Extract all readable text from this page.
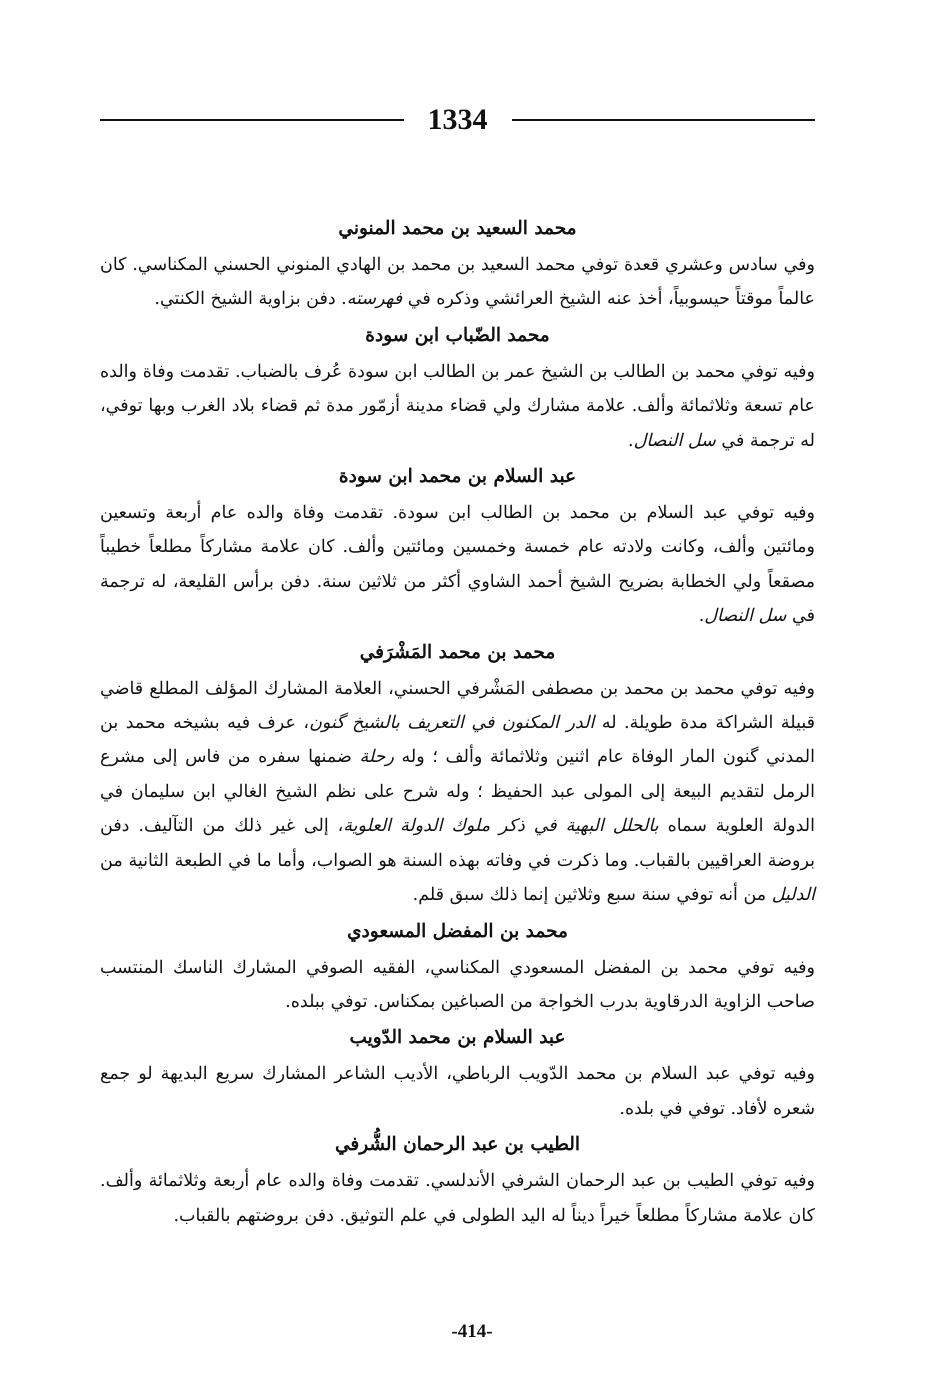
1334
محمد السعيد بن محمد المنوني

وفي سادس وعشري قعدة توفي محمد السعيد بن محمد بن الهادي المنوني الحسني المكناسي. كان عالماً موقتاً حيسوبياً، أخذ عنه الشيخ العرائشي وذكره في فهرسته. دفن بزاوية الشيخ الكنتي.

محمد الضّباب ابن سودة

وفيه توفي محمد بن الطالب بن الشيخ عمر بن الطالب ابن سودة عُرف بالضباب. تقدمت وفاة والده عام تسعة وثلاثمائة وألف. علامة مشارك ولي قضاء مدينة أزمّور مدة ثم قضاء بلاد الغرب وبها توفي، له ترجمة في سل النصال.

عبد السلام بن محمد ابن سودة

وفيه توفي عبد السلام بن محمد بن الطالب ابن سودة. تقدمت وفاة والده عام أربعة وتسعين ومائتين وألف، وكانت ولادته عام خمسة وخمسين ومائتين وألف. كان علامة مشاركاً مطلعاً خطيباً مصقعاً ولي الخطابة بضريح الشيخ أحمد الشاوي أكثر من ثلاثين سنة. دفن برأس القليعة، له ترجمة في سل النصال.

محمد بن محمد المَشْرَفي

وفيه توفي محمد بن محمد بن مصطفى المَشْرفي الحسني، العلامة المشارك المؤلف المطلع قاضي قبيلة الشراكة مدة طويلة. له الدر المكنون في التعريف بالشيخ گنون، عرف فيه بشيخه محمد بن المدني گنون المار الوفاة عام اثنين وثلاثمائة وألف ؛ وله رحلة ضمنها سفره من فاس إلى مشرع الرمل لتقديم البيعة إلى المولى عبد الحفيظ ؛ وله شرح على نظم الشيخ الغالي ابن سليمان في الدولة العلوية سماه بالحلل البهية في ذكر ملوك الدولة العلوية، إلى غير ذلك من التآليف. دفن بروضة العراقيين بالقباب. وما ذكرت في وفاته بهذه السنة هو الصواب، وأما ما في الطبعة الثانية من الدليل من أنه توفي سنة سبع وثلاثين إنما ذلك سبق قلم.

محمد بن المفضل المسعودي

وفيه توفي محمد بن المفضل المسعودي المكناسي، الفقيه الصوفي المشارك الناسك المنتسب صاحب الزاوية الدرقاوية بدرب الخواجة من الصباغين بمكناس. توفي ببلده.

عبد السلام بن محمد الدّويب

وفيه توفي عبد السلام بن محمد الدّويب الرباطي، الأديب الشاعر المشارك سريع البديهة لو جمع شعره لأفاد. توفي في بلده.

الطيب بن عبد الرحمان الشُّرفي

وفيه توفي الطيب بن عبد الرحمان الشرفي الأندلسي. تقدمت وفاة والده عام أربعة وثلاثمائة وألف. كان علامة مشاركاً مطلعاً خيراً ديناً له اليد الطولى في علم التوثيق. دفن بروضتهم بالقباب.

-414-
